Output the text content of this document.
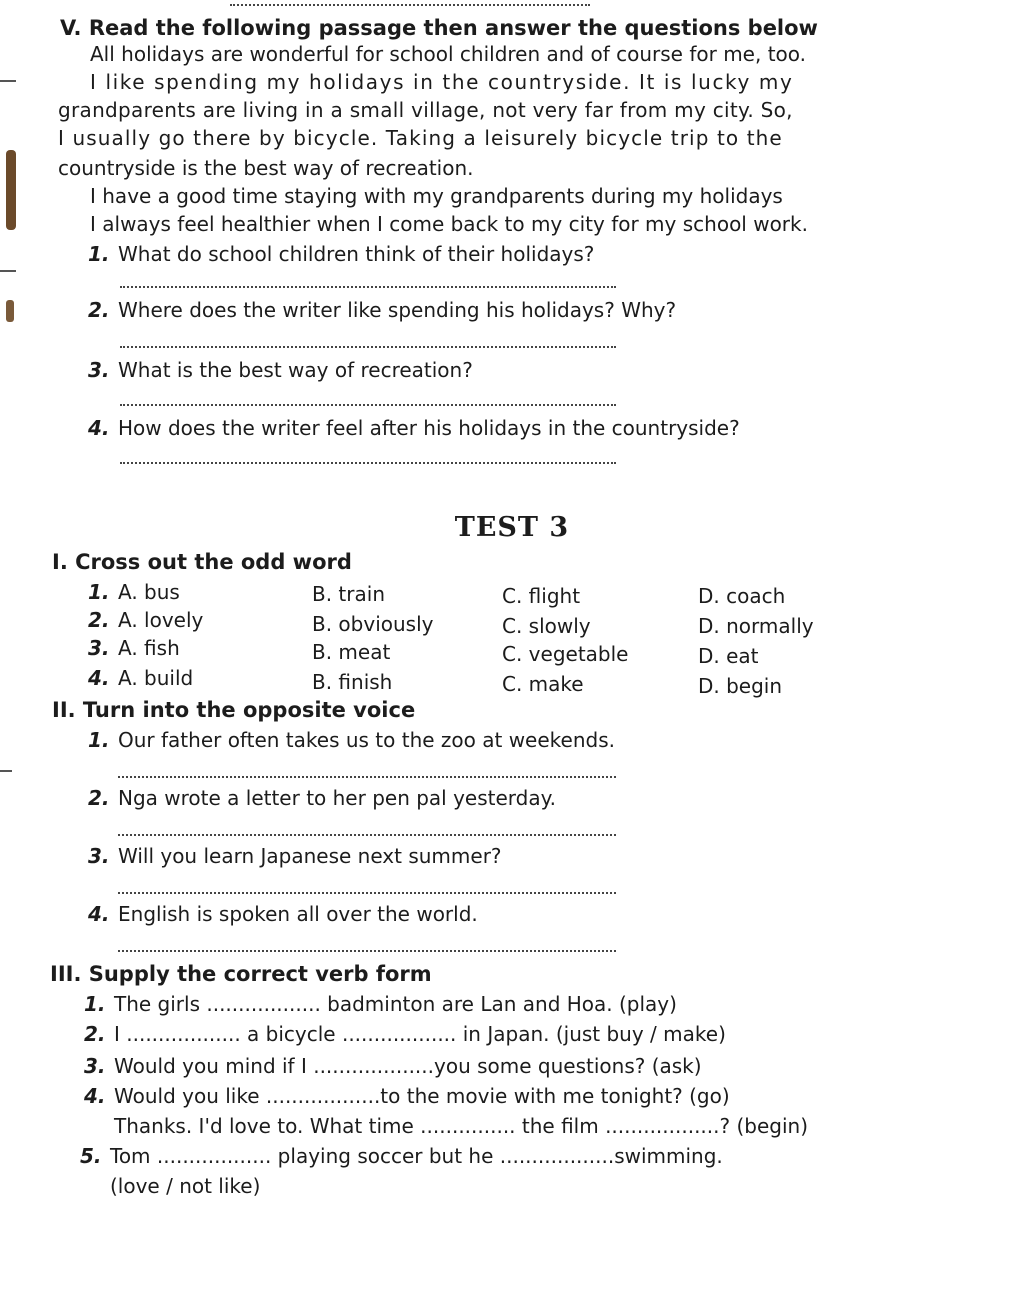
V. Read the following passage then answer the questions below
All holidays are wonderful for school children and of course for me, too.
I like spending my holidays in the countryside. It is lucky my
grandparents are living in a small village, not very far from my city. So,
I usually go there by bicycle. Taking a leisurely bicycle trip to the
countryside is the best way of recreation.
I have a good time staying with my grandparents during my holidays
I always feel healthier when I come back to my city for my school work.
1. What do school children think of their holidays?
2. Where does the writer like spending his holidays? Why?
3. What is the best way of recreation?
4. How does the writer feel after his holidays in the countryside?
TEST 3
I. Cross out the odd word
1. A. bus	B. train	C. flight	D. coach
2. A. lovely	B. obviously	C. slowly	D. normally
3. A. fish	B. meat	C. vegetable	D. eat
4. A. build	B. finish	C. make	D. begin
II. Turn into the opposite voice
1. Our father often takes us to the zoo at weekends.
2. Nga wrote a letter to her pen pal yesterday.
3. Will you learn Japanese next summer?
4. English is spoken all over the world.
III. Supply the correct verb form
1. The girls .................. badminton are Lan and Hoa. (play)
2. I .................. a bicycle .................. in Japan. (just buy / make)
3. Would you mind if I ...................you some questions? (ask)
4. Would you like ..................to the movie with me tonight? (go)
Thanks. I'd love to. What time ............... the film ..................? (begin)
5. Tom .................. playing soccer but he ..................swimming.
(love / not like)
